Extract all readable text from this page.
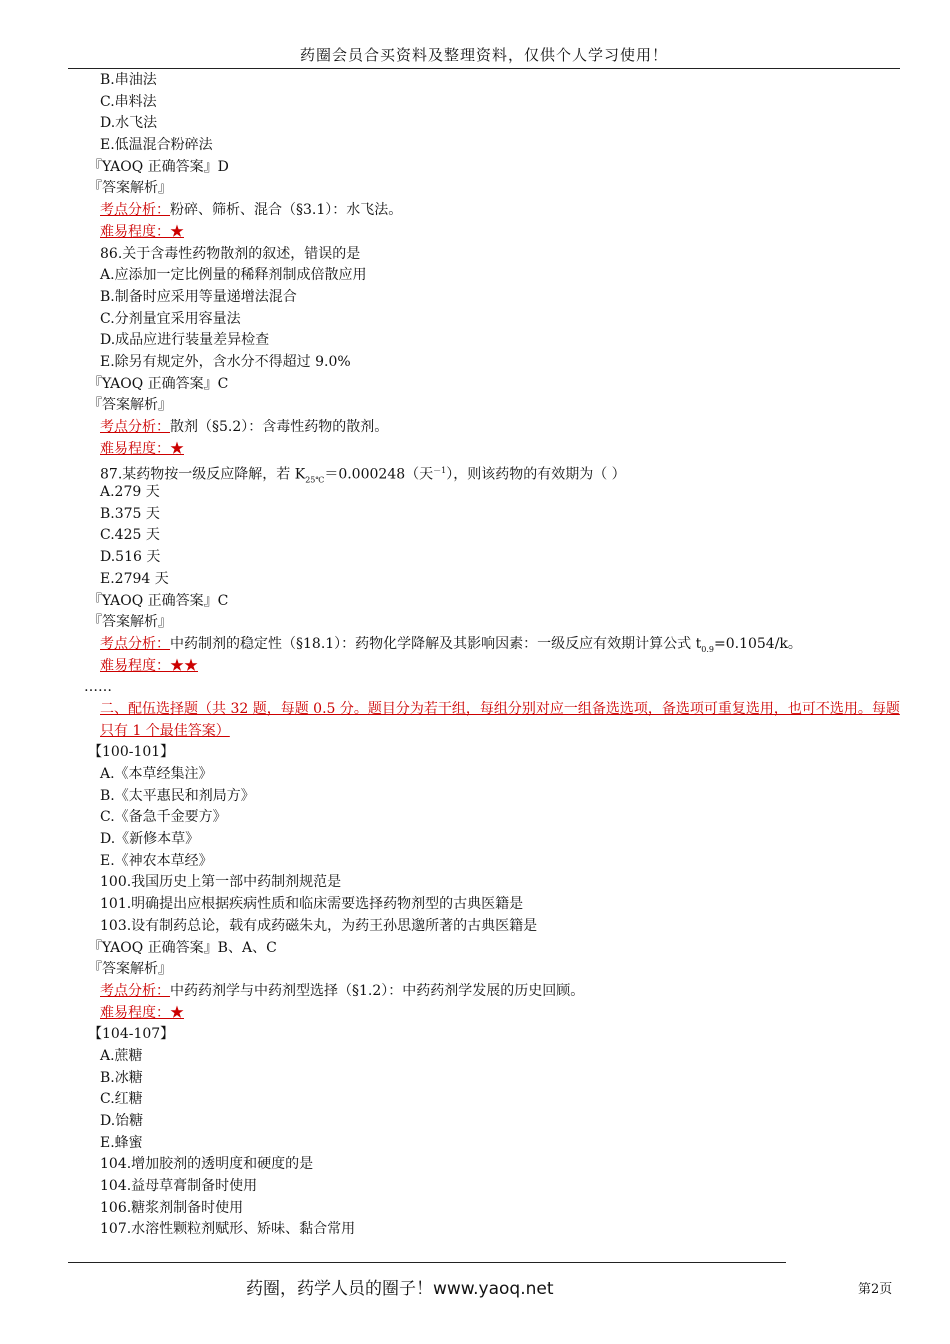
药圈会员合买资料及整理资料，仅供个人学习使用！
B.串油法
C.串料法
D.水飞法
E.低温混合粉碎法
『YAOQ 正确答案』D
『答案解析』
考点分析：粉碎、筛析、混合（§3.1）：水飞法。
难易程度：★
86.关于含毒性药物散剂的叙述，错误的是
A.应添加一定比例量的稀释剂制成倍散应用
B.制备时应采用等量递增法混合
C.分剂量宜采用容量法
D.成品应进行装量差异检查
E.除另有规定外，含水分不得超过 9.0%
『YAOQ 正确答案』C
『答案解析』
考点分析：散剂（§5.2）：含毒性药物的散剂。
难易程度：★
87.某药物按一级反应降解，若 $K_{25℃}=0.000248$（天$^{-1}$），则该药物的有效期为（ ）
A.279 天
B.375 天
C.425 天
D.516 天
E.2794 天
『YAOQ 正确答案』C
『答案解析』
考点分析：中药制剂的稳定性（§18.1）：药物化学降解及其影响因素：一级反应有效期计算公式 $t_{0.9}=0.1054/k$。
难易程度：★★
……
二、配伍选择题（共 32 题，每题 0.5 分。题目分为若干组，每组分别对应一组备选选项，备选项可重复选用，也可不选用。每题只有 1 个最佳答案）
【100-101】
A.《本草经集注》
B.《太平惠民和剂局方》
C.《备急千金要方》
D.《新修本草》
E.《神农本草经》
100.我国历史上第一部中药制剂规范是
101.明确提出应根据疾病性质和临床需要选择药物剂型的古典医籍是
103.设有制药总论，载有成药磁朱丸，为药王孙思邈所著的古典医籍是
『YAOQ 正确答案』B、A、C
『答案解析』
考点分析：中药药剂学与中药剂型选择（§1.2）：中药药剂学发展的历史回顾。
难易程度：★
【104-107】
A.蔗糖
B.冰糖
C.红糖
D.饴糖
E.蜂蜜
104.增加胶剂的透明度和硬度的是
104.益母草膏制备时使用
106.糖浆剂制备时使用
107.水溶性颗粒剂赋形、矫味、黏合常用
药圈，药学人员的圈子！www.yaoq.net	第2页
